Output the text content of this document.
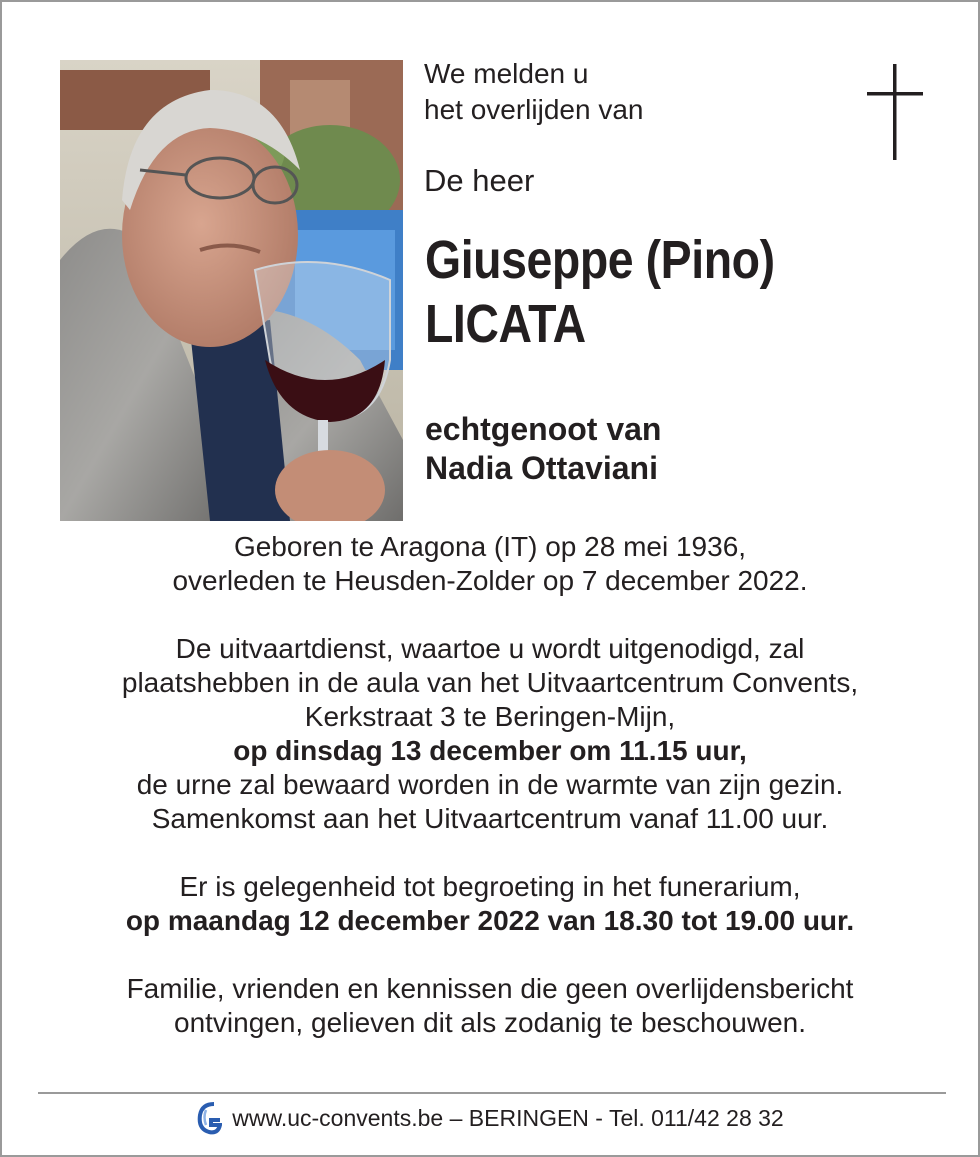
We melden u
het overlijden van
De heer
Giuseppe (Pino)
LICATA
echtgenoot van
Nadia Ottaviani

Geboren te Aragona (IT) op 28 mei 1936,

overleden te Heusden-Zolder op 7 december 2022.

De uitvaartdienst, waartoe u wordt uitgenodigd, zal

plaatshebben in de aula van het Uitvaartcentrum Convents,

Kerkstraat 3 te Beringen-Mijn,

op dinsdag 13 december om 11.15 uur,

de urne zal bewaard worden in de warmte van zijn gezin.

Samenkomst aan het Uitvaartcentrum vanaf 11.00 uur.

Er is gelegenheid tot begroeting in het funerarium,

op maandag 12 december 2022 van 18.30 tot 19.00 uur.

Familie, vrienden en kennissen die geen overlijdensbericht

ontvingen, gelieven dit als zodanig te beschouwen.

www.uc-convents.be – BERINGEN - Tel. 011/42 28 32
